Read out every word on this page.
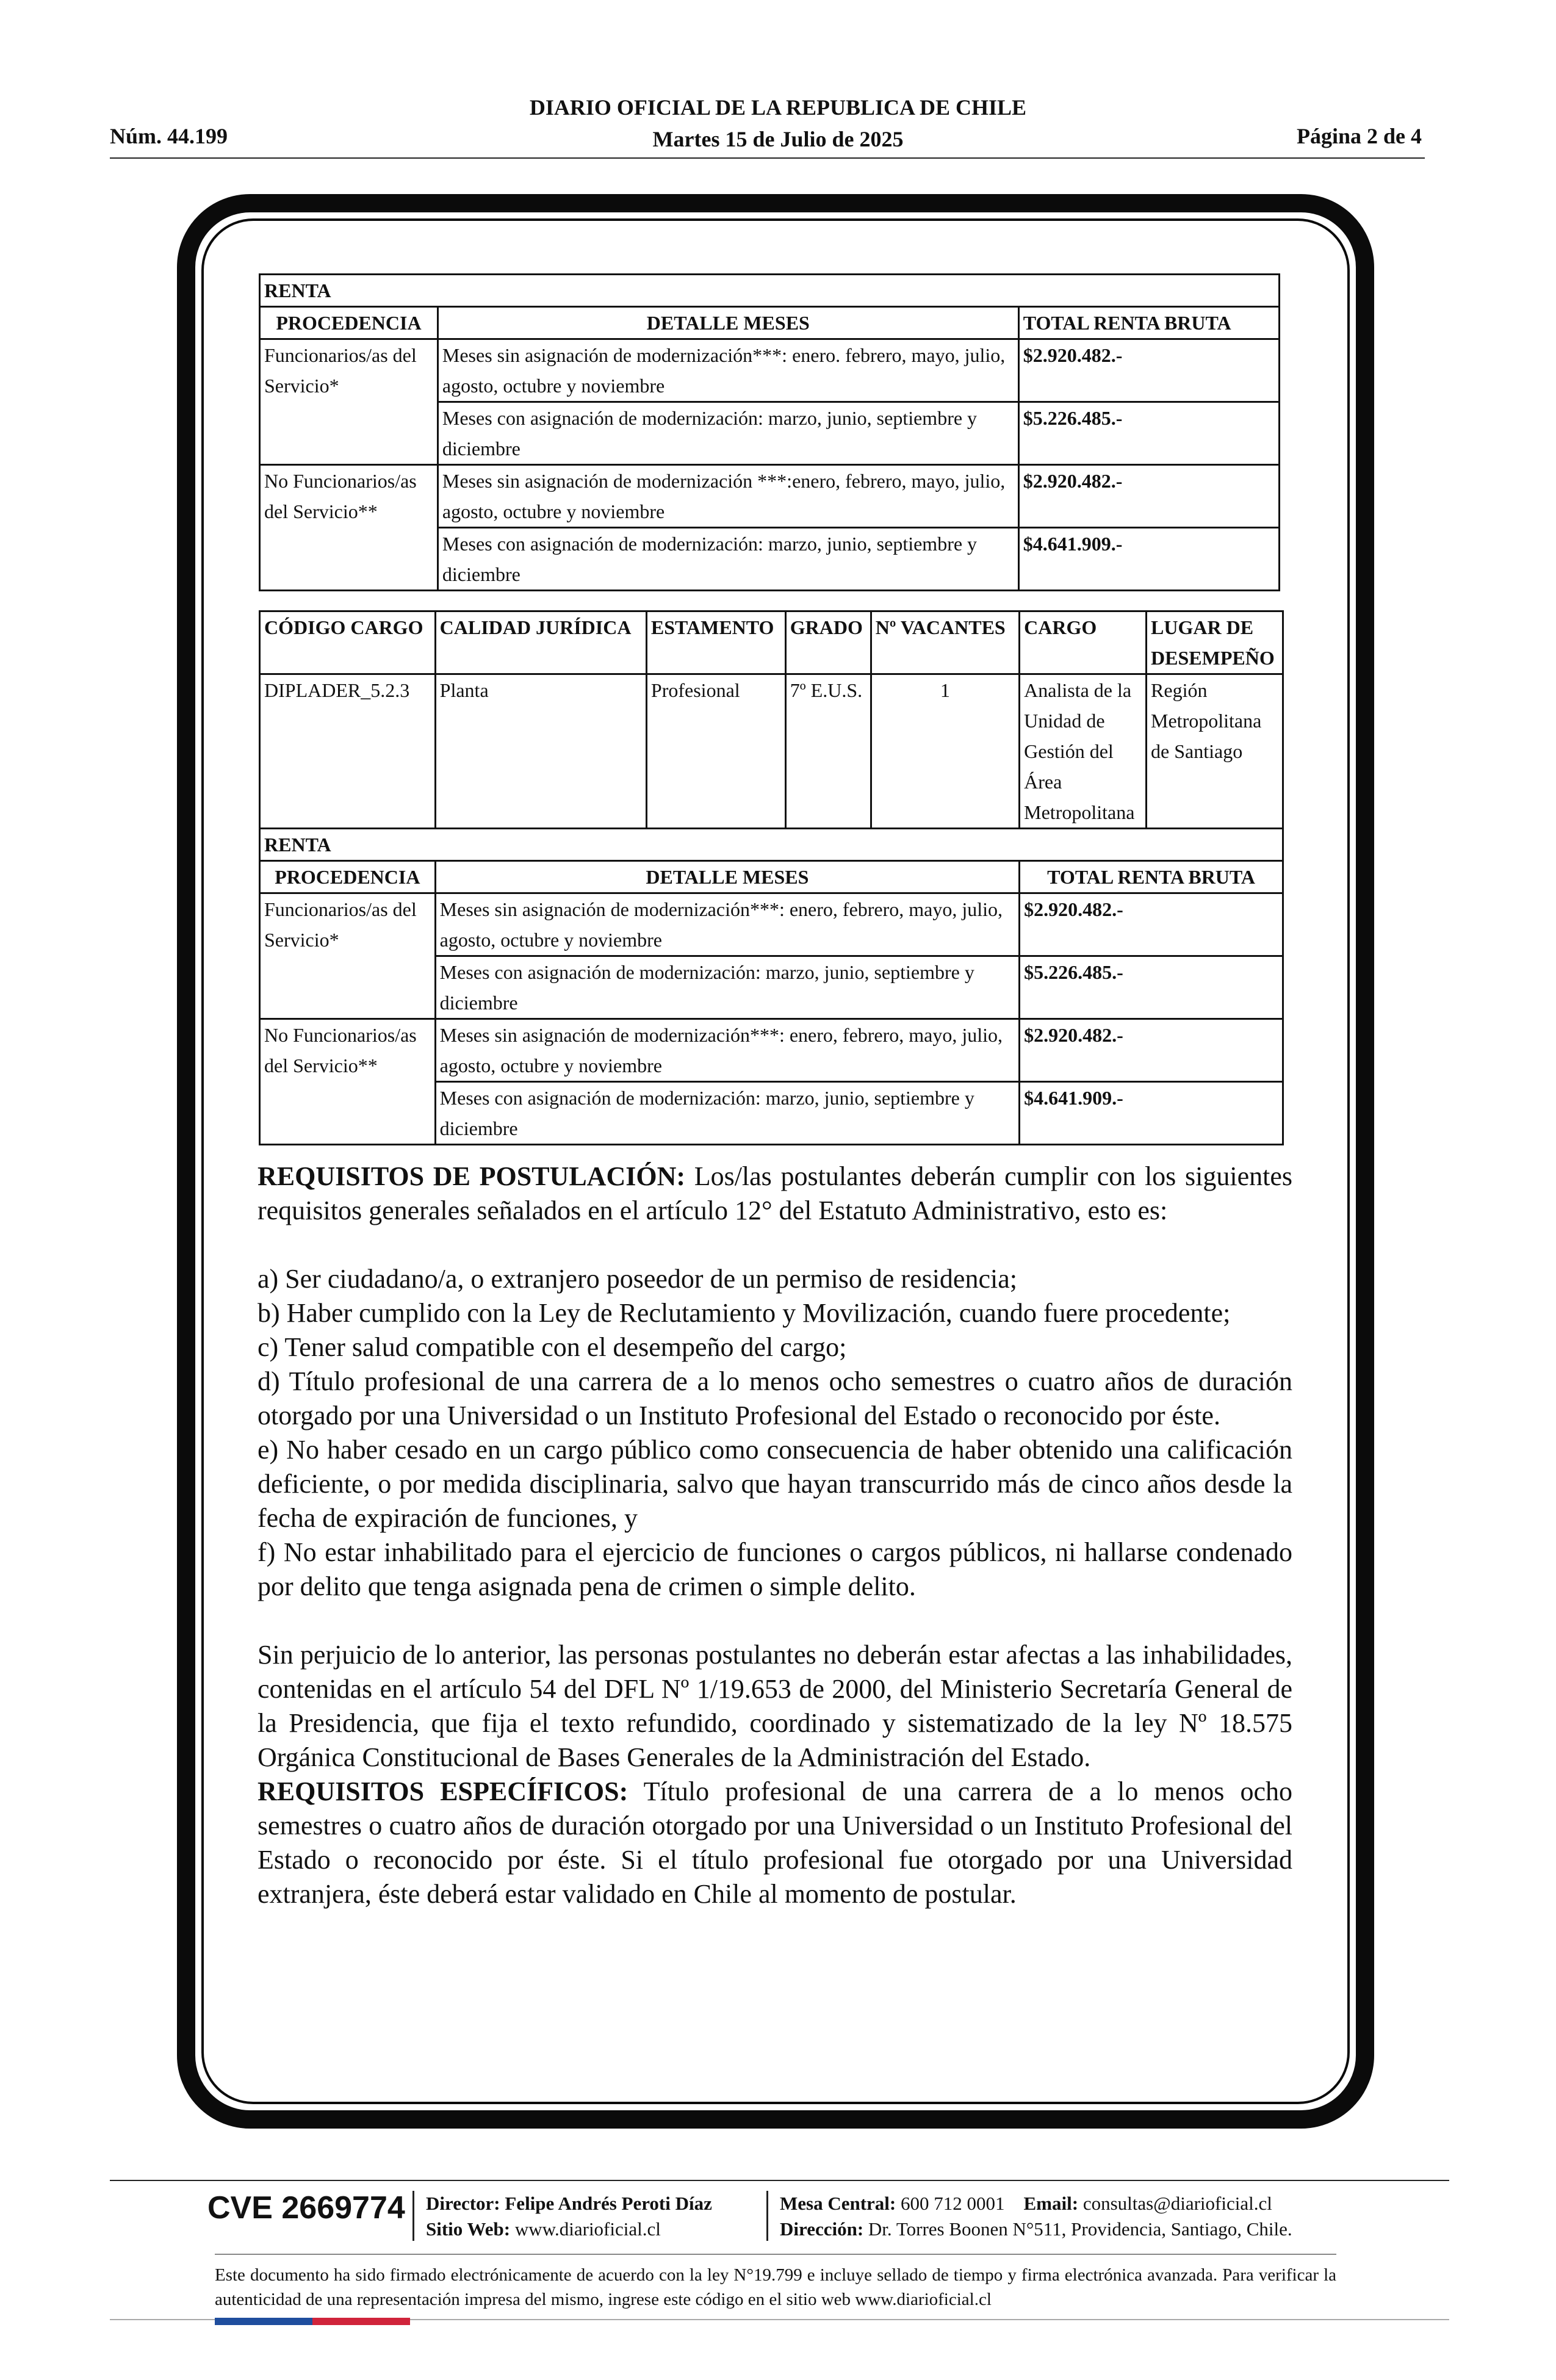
DIARIO OFICIAL DE LA REPUBLICA DE CHILE
Martes 15 de Julio de 2025
Núm. 44.199	Página 2 de 4
RENTA		
PROCEDENCIA	DETALLE MESES	TOTAL RENTA BRUTA
Funcionarios/as del Servicio*	Meses sin asignación de modernización***: enero. febrero, mayo, julio, agosto, octubre y noviembre	$2.920.482.-
	Meses con asignación de modernización: marzo, junio, septiembre y diciembre	$5.226.485.-
No Funcionarios/as del Servicio**	Meses sin asignación de modernización ***:enero, febrero, mayo, julio, agosto, octubre y noviembre	$2.920.482.-
	Meses con asignación de modernización: marzo, junio, septiembre y diciembre	$4.641.909.-
CÓDIGO CARGO	CALIDAD JURÍDICA	ESTAMENTO	GRADO	Nº VACANTES	CARGO	LUGAR DE DESEMPEÑO
DIPLADER_5.2.3	Planta	Profesional	7º E.U.S.	1	Analista de la Unidad de Gestión del Área Metropolitana	Región Metropolitana de Santiago
RENTA						
PROCEDENCIA	DETALLE MESES				TOTAL RENTA BRUTA	
Funcionarios/as del Servicio*	Meses sin asignación de modernización***: enero, febrero, mayo, julio, agosto, octubre y noviembre				$2.920.482.-	
	Meses con asignación de modernización: marzo, junio, septiembre y diciembre				$5.226.485.-	
No Funcionarios/as del Servicio**	Meses sin asignación de modernización***: enero, febrero, mayo, julio, agosto, octubre y noviembre				$2.920.482.-	
	Meses con asignación de modernización: marzo, junio, septiembre y diciembre				$4.641.909.-	

REQUISITOS DE POSTULACIÓN: Los/las postulantes deberán cumplir con los siguientes requisitos generales señalados en el artículo 12° del Estatuto Administrativo, esto es:

a) Ser ciudadano/a, o extranjero poseedor de un permiso de residencia;

b) Haber cumplido con la Ley de Reclutamiento y Movilización, cuando fuere procedente;

c) Tener salud compatible con el desempeño del cargo;

d) Título profesional de una carrera de a lo menos ocho semestres o cuatro años de duración otorgado por una Universidad o un Instituto Profesional del Estado o reconocido por éste.

e) No haber cesado en un cargo público como consecuencia de haber obtenido una calificación deficiente, o por medida disciplinaria, salvo que hayan transcurrido más de cinco años desde la fecha de expiración de funciones, y

f) No estar inhabilitado para el ejercicio de funciones o cargos públicos, ni hallarse condenado por delito que tenga asignada pena de crimen o simple delito.

Sin perjuicio de lo anterior, las personas postulantes no deberán estar afectas a las inhabilidades, contenidas en el artículo 54 del DFL Nº 1/19.653 de 2000, del Ministerio Secretaría General de la Presidencia, que fija el texto refundido, coordinado y sistematizado de la ley Nº 18.575 Orgánica Constitucional de Bases Generales de la Administración del Estado.

REQUISITOS ESPECÍFICOS: Título profesional de una carrera de a lo menos ocho semestres o cuatro años de duración otorgado por una Universidad o un Instituto Profesional del Estado o reconocido por éste. Si el título profesional fue otorgado por una Universidad extranjera, éste deberá estar validado en Chile al momento de postular.

CVE 2669774 Director: Felipe Andrés Peroti Díaz
Sitio Web: www.diarioficial.cl
Mesa Central: 600 712 0001 Email: consultas@diarioficial.cl
Dirección: Dr. Torres Boonen N°511, Providencia, Santiago, Chile.
Este documento ha sido firmado electrónicamente de acuerdo con la ley N°19.799 e incluye sellado de tiempo y firma electrónica avanzada. Para verificar la autenticidad de una representación impresa del mismo, ingrese este código en el sitio web www.diarioficial.cl
